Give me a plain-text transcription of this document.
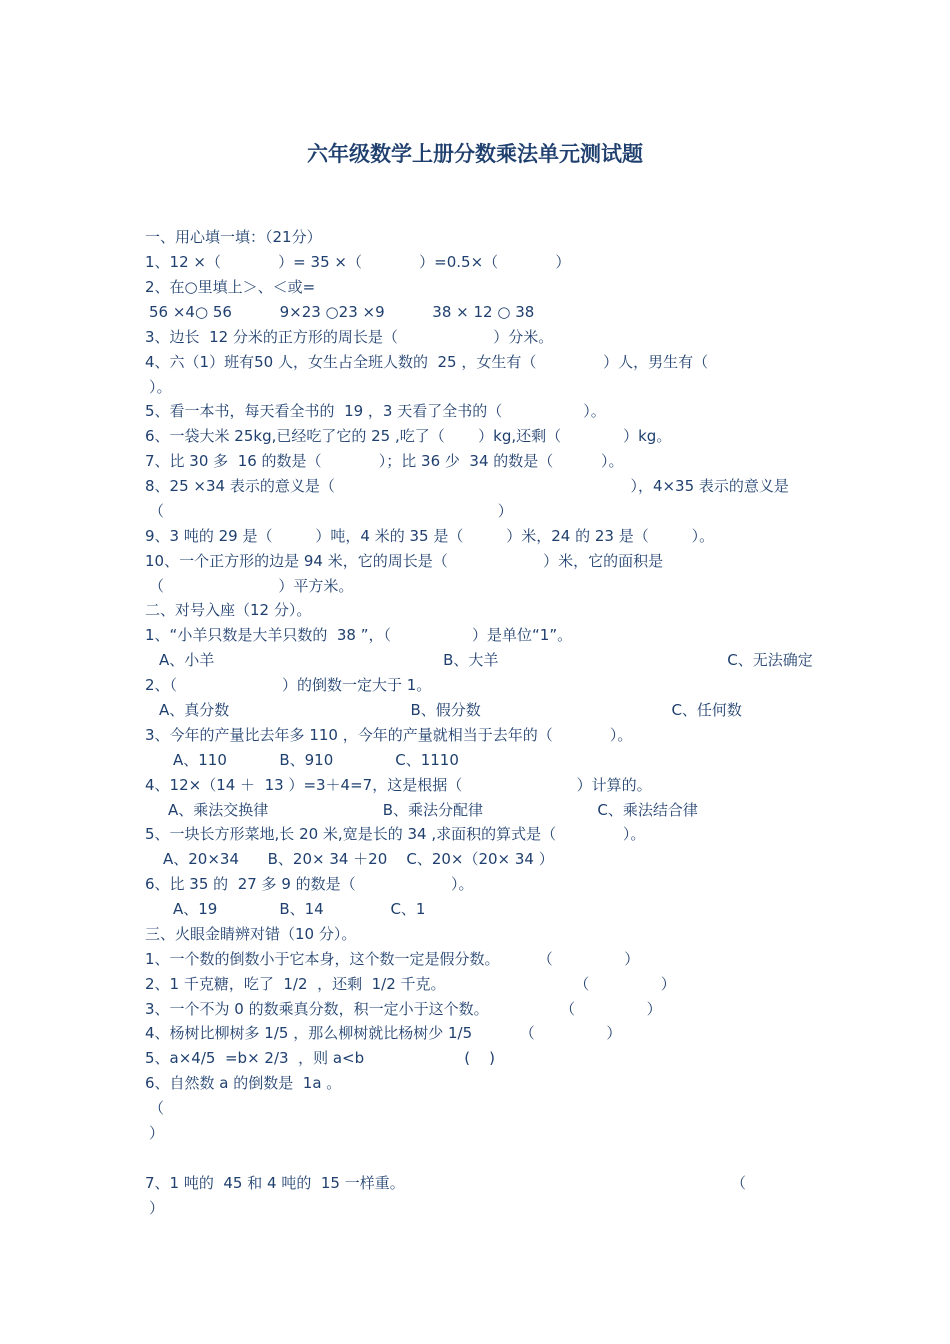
六年级数学上册分数乘法单元测试题
一、用心填一填：（21分）
1、12 ×（            ）= 35 ×（            ）=0.5×（            ）
2、在○里填上＞、＜或=
56 ×4○ 56          9×23 ○23 ×9          38 × 12 ○ 38
3、边长  12 分米的正方形的周长是（                    ）分米。
4、六（1）班有50 人，女生占全班人数的  25 ，女生有（              ）人，男生有（
）。
5、看一本书，每天看全书的  19 ，3 天看了全书的（                 ）。
6、一袋大米 25kg,已经吃了它的 25 ,吃了（       ）kg,还剩（             ）kg。
7、比 30 多  16 的数是（            ）；比 36 少  34 的数是（          ）。
8、25 ×34 表示的意义是（                                                              ），4×35 表示的意义是
（                                                                      ）
9、3 吨的 29 是（         ）吨，4 米的 35 是（         ）米，24 的 23 是（         ）。
10、一个正方形的边是 94 米，它的周长是（                    ）米，它的面积是
（                        ）平方米。
二、对号入座（12 分）。
1、“小羊只数是大羊只数的  38 ”，（                 ）是单位“1”。
A、小羊                                                B、大羊                                                C、无法确定
2、（                      ）的倒数一定大于 1。
A、真分数                                      B、假分数                                        C、任何数
3、今年的产量比去年多 110 ，今年的产量就相当于去年的（            ）。
A、110           B、910             C、1110
4、12×（14 ＋  13 ）=3＋4=7，这是根据（                        ）计算的。
A、乘法交换律                        B、乘法分配律                        C、乘法结合律
5、一块长方形菜地,长 20 米,宽是长的 34 ,求面积的算式是（              ）。
A、20×34      B、20× 34 ＋20    C、20×（20× 34 ）
6、比 35 的  27 多 9 的数是（                    ）。
A、19             B、14              C、1
三、火眼金睛辨对错（10 分）。
1、一个数的倒数小于它本身，这个数一定是假分数。        （               ）
2、1 千克糖，吃了  1/2  ，还剩  1/2 千克。                           （               ）
3、一个不为 0 的数乘真分数，积一定小于这个数。               （               ）
4、杨树比柳树多 1/5 ，那么柳树就比杨树少 1/5          （               ）
5、a×4/5  =b× 2/3  ，则 a<b                     (    )
6、自然数 a 的倒数是  1a 。
（
）
7、1 吨的  45 和 4 吨的  15 一样重。	（
）
